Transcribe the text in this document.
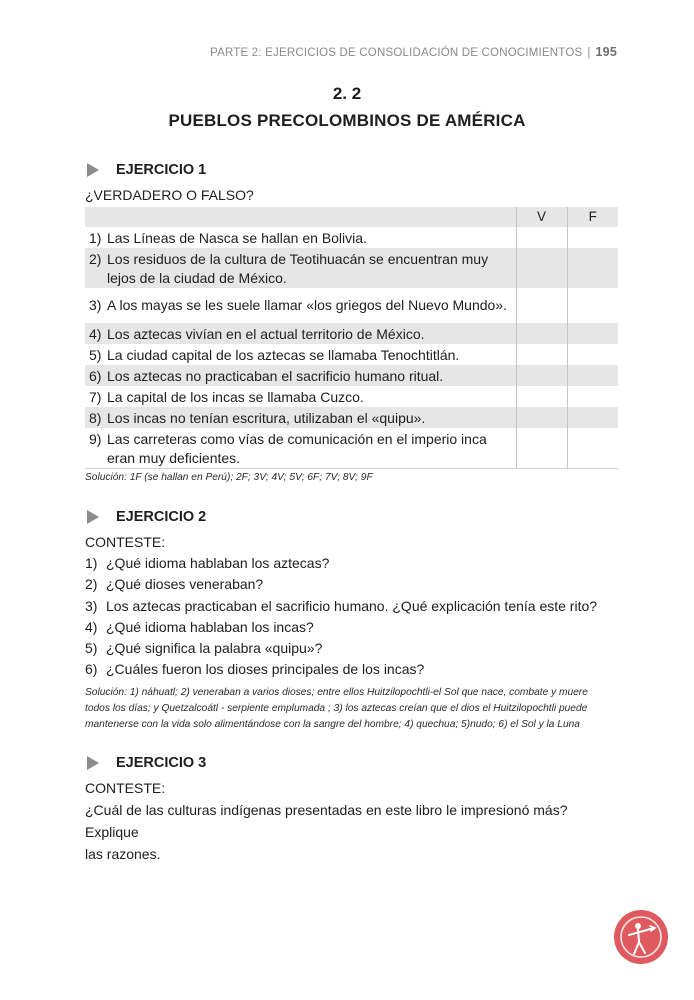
PARTE 2: EJERCICIOS DE CONSOLIDACIÓN DE CONOCIMIENTOS | 195
2. 2
PUEBLOS PRECOLOMBINOS DE AMÉRICA
EJERCICIO 1
¿VERDADERO O FALSO?
	V	F

1) Las Líneas de Nasca se hallan en Bolivia.		

2) Los residuos de la cultura de Teotihuacán se encuentran muy
lejos de la ciudad de México.		

3) A los mayas se les suele llamar «los griegos del Nuevo Mundo».		

4) Los aztecas vivían en el actual territorio de México.		

5) La ciudad capital de los aztecas se llamaba Tenochtitlán.		

6) Los aztecas no practicaban el sacrificio humano ritual.		

7) La capital de los incas se llamaba Cuzco.		

8) Los incas no tenían escritura, utilizaban el «quipu».		

9) Las carreteras como vías de comunicación en el imperio inca
eran muy deficientes.		

Solución: 1F (se hallan en Perú); 2F; 3V; 4V; 5V; 6F; 7V; 8V; 9F
EJERCICIO 2
CONTESTE:
1) ¿Qué idioma hablaban los aztecas?
2) ¿Qué dioses veneraban?
3) Los aztecas practicaban el sacrificio humano. ¿Qué explicación tenía este rito?
4) ¿Qué idioma hablaban los incas?
5) ¿Qué significa la palabra «quipu»?
6) ¿Cuáles fueron los dioses principales de los incas?
Solución: 1) náhuatl; 2) veneraban a varios dioses; entre ellos Huitzilopochtli-el Sol que nace, combate y muere
todos los días; y Quetzalcoátl - serpiente emplumada ; 3) los aztecas creían que el dios el Huitzilopochtli puede
mantenerse con la vida solo alimentándose con la sangre del hombre; 4) quechua; 5)nudo; 6) el Sol y la Luna
EJERCICIO 3
CONTESTE:
¿Cuál de las culturas indígenas presentadas en este libro le impresionó más? Explique
las razones.
